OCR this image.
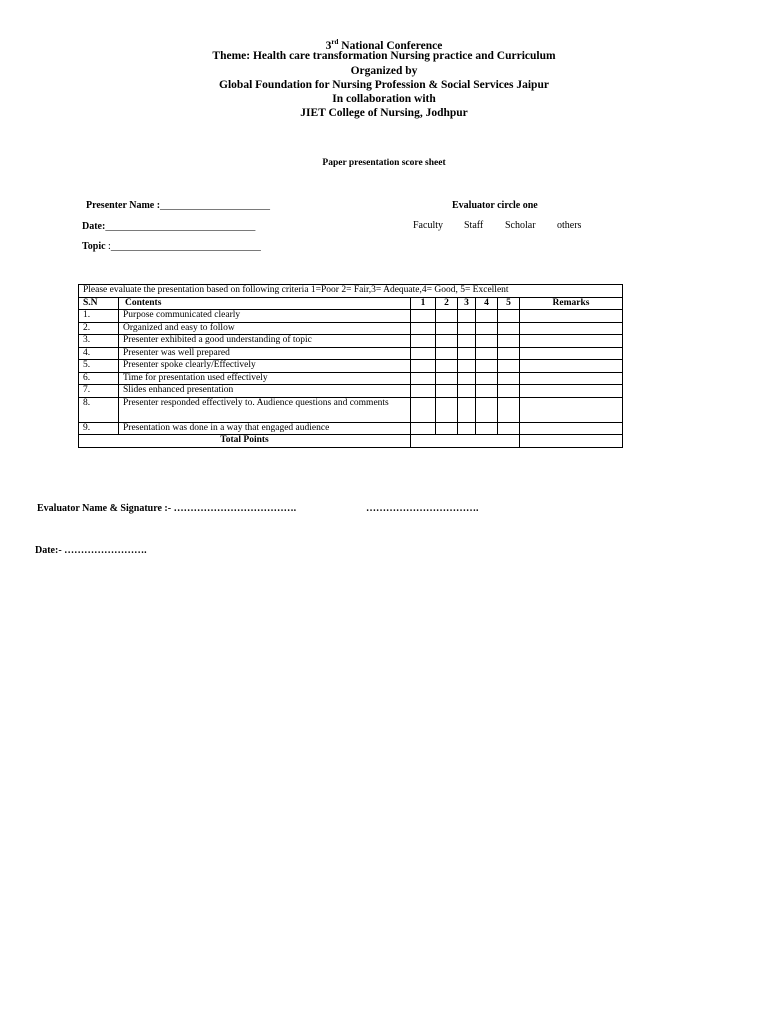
3rd National Conference
Theme: Health care transformation Nursing practice and Curriculum
Organized by
Global Foundation for Nursing Profession & Social Services Jaipur
In collaboration with
JIET College of Nursing, Jodhpur
Paper presentation score sheet
Presenter Name :______________________
Date:______________________________
Topic :______________________________
Evaluator circle one
Faculty Staff Scholar others
Please evaluate the presentation based on following criteria 1=Poor 2= Fair,3= Adequate,4= Good, 5= Excellent							
S.N	Contents	1	2	3	4	5	Remarks
1.	Purpose communicated clearly						
2.	Organized and easy to follow						
3.	Presenter exhibited a good understanding of topic						
4.	Presenter was well prepared						
5.	Presenter spoke clearly/Effectively						
6.	Time for presentation used effectively						
7.	Slides enhanced presentation						
8.	Presenter responded effectively to. Audience questions and comments						
9.	Presentation was done in a way that engaged audience						
Total Points							
Evaluator Name & Signature :- ……………………………….	…………………………….
Date:- …………………….
